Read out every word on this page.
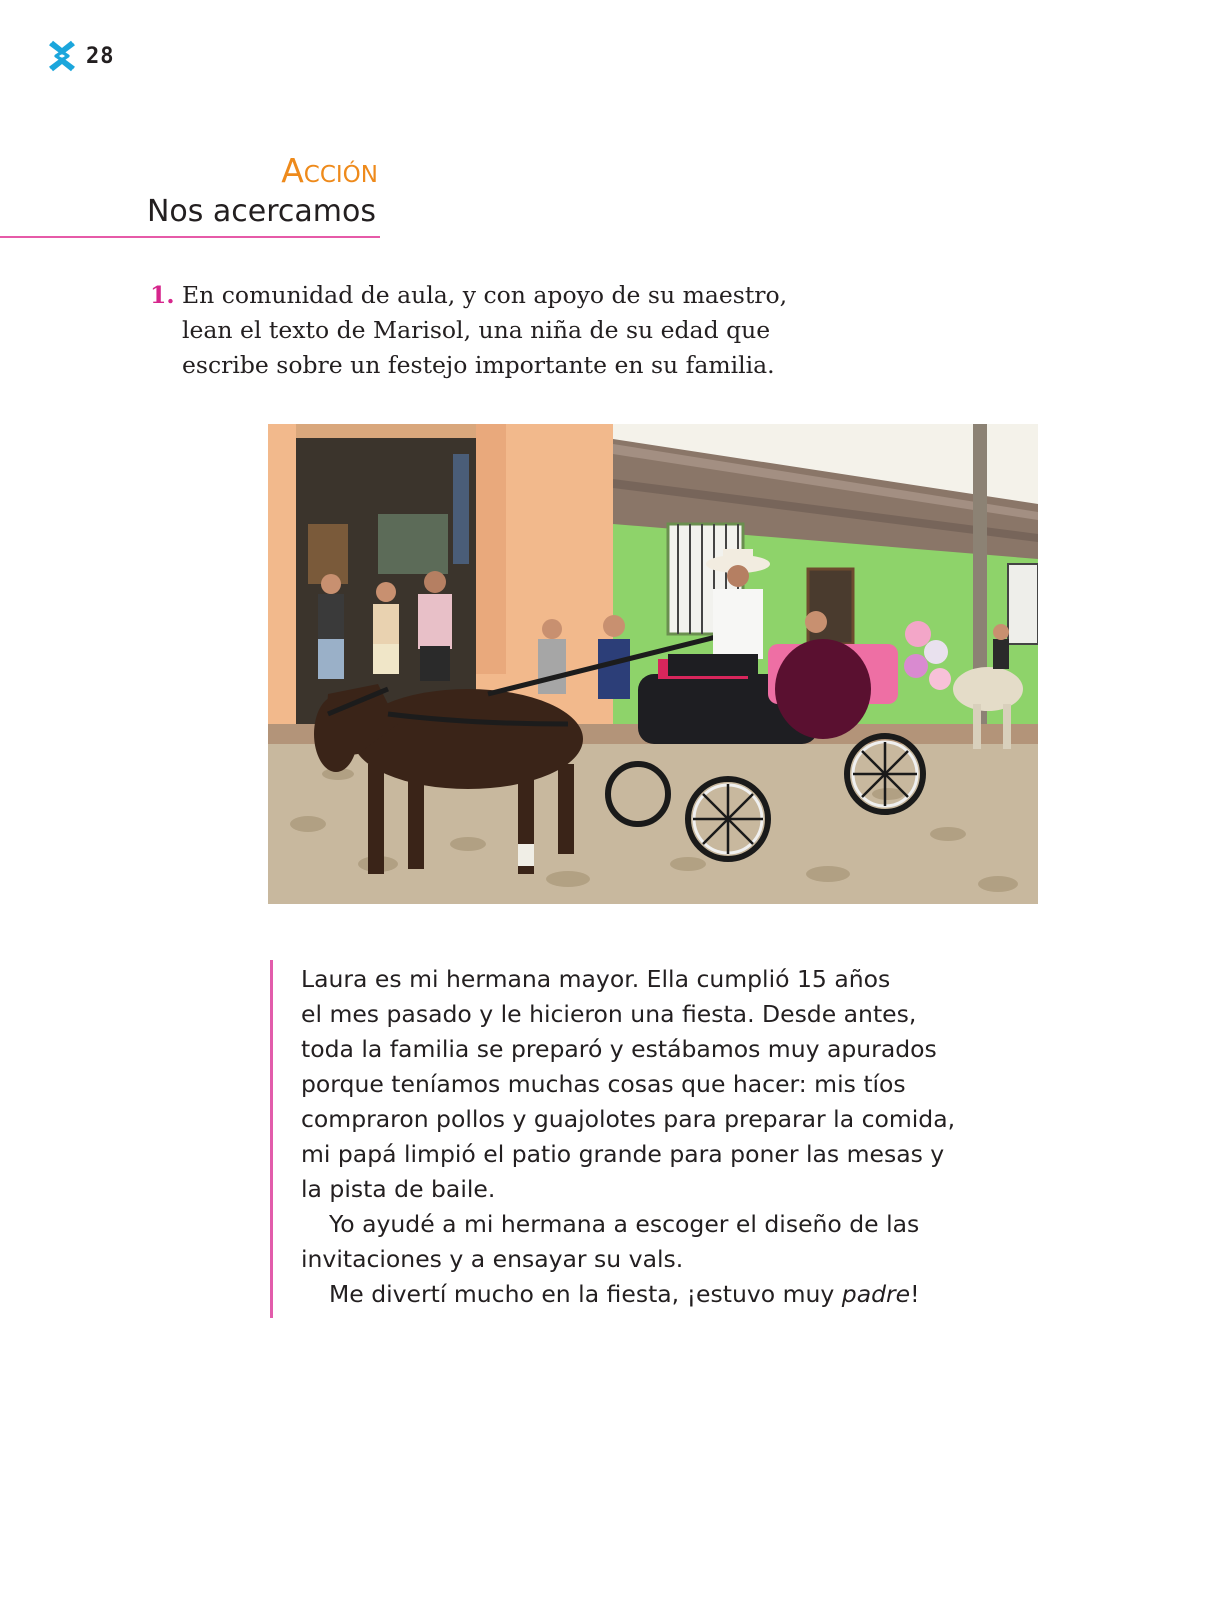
28
Acción
Nos acercamos
1. En comunidad de aula, y con apoyo de su maestro,
lean el texto de Marisol, una niña de su edad que
escribe sobre un festejo importante en su familia.

Laura es mi hermana mayor. Ella cumplió 15 años
el mes pasado y le hicieron una fiesta. Desde antes,
toda la familia se preparó y estábamos muy apurados
porque teníamos muchas cosas que hacer: mis tíos
compraron pollos y guajolotes para preparar la comida,
mi papá limpió el patio grande para poner las mesas y
la pista de baile.

Yo ayudé a mi hermana a escoger el diseño de las
invitaciones y a ensayar su vals.

Me divertí mucho en la fiesta, ¡estuvo muy padre!
